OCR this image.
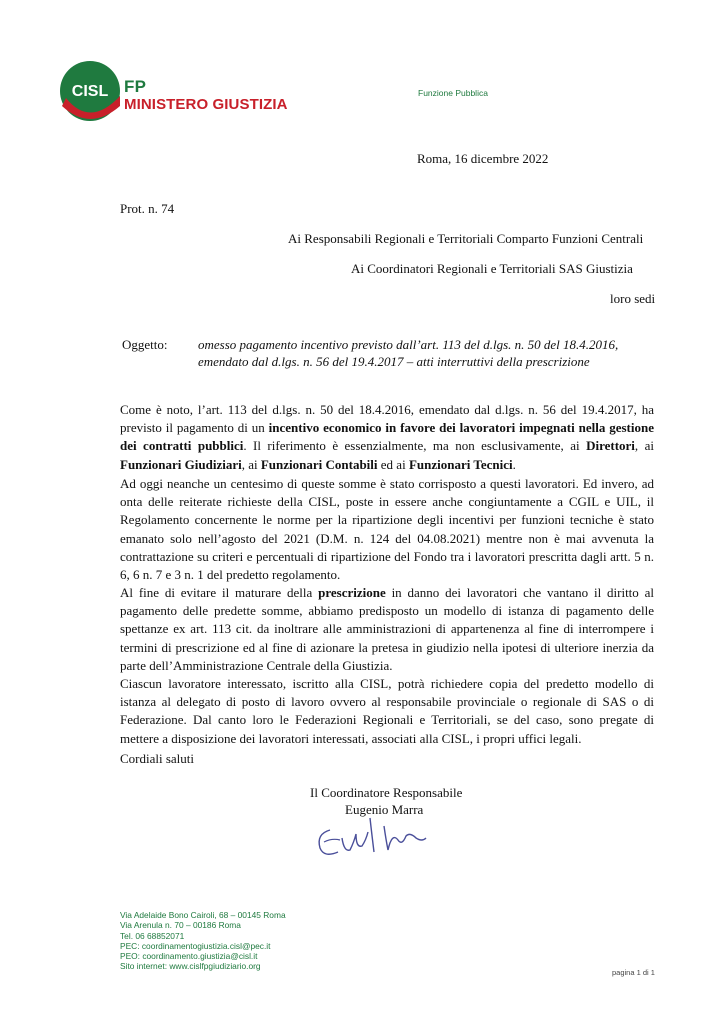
CISL FP
MINISTERO GIUSTIZIA
Funzione Pubblica
Roma, 16 dicembre 2022
Prot. n. 74
Ai Responsabili Regionali e Territoriali Comparto Funzioni Centrali
Ai Coordinatori Regionali e Territoriali SAS Giustizia
loro sedi
Oggetto: omesso pagamento incentivo previsto dall’art. 113 del d.lgs. n. 50 del 18.4.2016,
emendato dal d.lgs. n. 56 del 19.4.2017 – atti interruttivi della prescrizione

Come è noto, l’art. 113 del d.lgs. n. 50 del 18.4.2016, emendato dal d.lgs. n. 56 del 19.4.2017, ha previsto il pagamento di un incentivo economico in favore dei lavoratori impegnati nella gestione dei contratti pubblici. Il riferimento è essenzialmente, ma non esclusivamente, ai Direttori, ai Funzionari Giudiziari, ai Funzionari Contabili ed ai Funzionari Tecnici.

Ad oggi neanche un centesimo di queste somme è stato corrisposto a questi lavoratori. Ed invero, ad onta delle reiterate richieste della CISL, poste in essere anche congiuntamente a CGIL e UIL, il Regolamento concernente le norme per la ripartizione degli incentivi per funzioni tecniche è stato emanato solo nell’agosto del 2021 (D.M. n. 124 del 04.08.2021) mentre non è mai avvenuta la contrattazione su criteri e percentuali di ripartizione del Fondo tra i lavoratori prescritta dagli artt. 5 n. 6, 6 n. 7 e 3 n. 1 del predetto regolamento.

Al fine di evitare il maturare della prescrizione in danno dei lavoratori che vantano il diritto al pagamento delle predette somme, abbiamo predisposto un modello di istanza di pagamento delle spettanze ex art. 113 cit. da inoltrare alle amministrazioni di appartenenza al fine di interrompere i termini di prescrizione ed al fine di azionare la pretesa in giudizio nella ipotesi di ulteriore inerzia da parte dell’Amministrazione Centrale della Giustizia.

Ciascun lavoratore interessato, iscritto alla CISL, potrà richiedere copia del predetto modello di istanza al delegato di posto di lavoro ovvero al responsabile provinciale o regionale di SAS o di Federazione. Dal canto loro le Federazioni Regionali e Territoriali, se del caso, sono pregate di mettere a disposizione dei lavoratori interessati, associati alla CISL, i propri uffici legali.

Cordiali saluti
Il Coordinatore Responsabile
Eugenio Marra
Via Adelaide Bono Cairoli, 68 – 00145 Roma
Via Arenula n. 70 – 00186 Roma
Tel. 06 68852071
PEC: coordinamentogiustizia.cisl@pec.it
PEO: coordinamento.giustizia@cisl.it
Sito internet: www.cislfpgiudiziario.org
pagina 1 di 1
